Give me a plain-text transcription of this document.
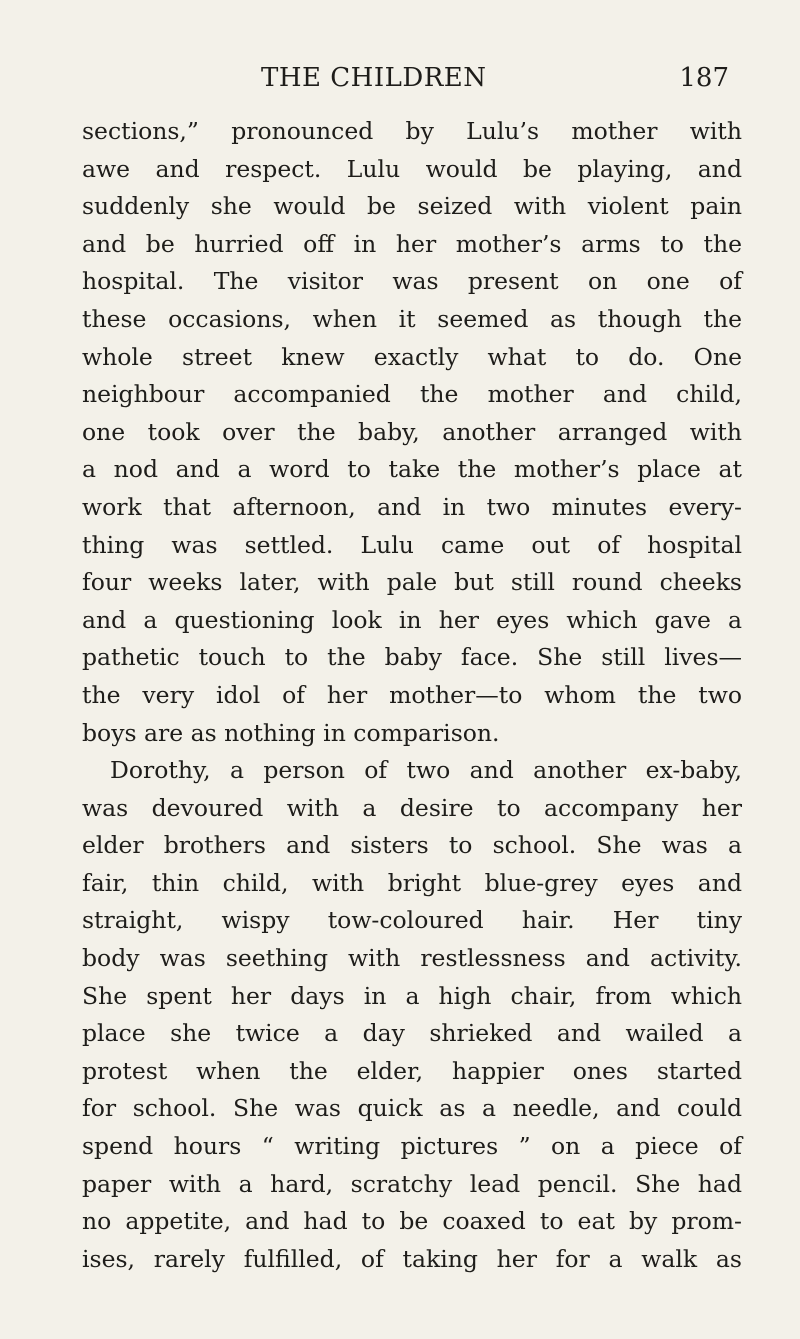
THE CHILDREN	187
sections,” pronounced by Lulu’s mother with
awe and respect. Lulu would be playing, and
suddenly she would be seized with violent pain
and be hurried off in her mother’s arms to the
hospital. The visitor was present on one of
these occasions, when it seemed as though the
whole street knew exactly what to do. One
neighbour accompanied the mother and child,
one took over the baby, another arranged with
a nod and a word to take the mother’s place at
work that afternoon, and in two minutes every-
thing was settled. Lulu came out of hospital
four weeks later, with pale but still round cheeks
and a questioning look in her eyes which gave a
pathetic touch to the baby face. She still lives—
the very idol of her mother—to whom the two
boys are as nothing in comparison.
Dorothy, a person of two and another ex-baby,
was devoured with a desire to accompany her
elder brothers and sisters to school. She was a
fair, thin child, with bright blue-grey eyes and
straight, wispy tow-coloured hair. Her tiny
body was seething with restlessness and activity.
She spent her days in a high chair, from which
place she twice a day shrieked and wailed a
protest when the elder, happier ones started
for school. She was quick as a needle, and could
spend hours “ writing pictures ” on a piece of
paper with a hard, scratchy lead pencil. She had
no appetite, and had to be coaxed to eat by prom-
ises, rarely fulfilled, of taking her for a walk as
